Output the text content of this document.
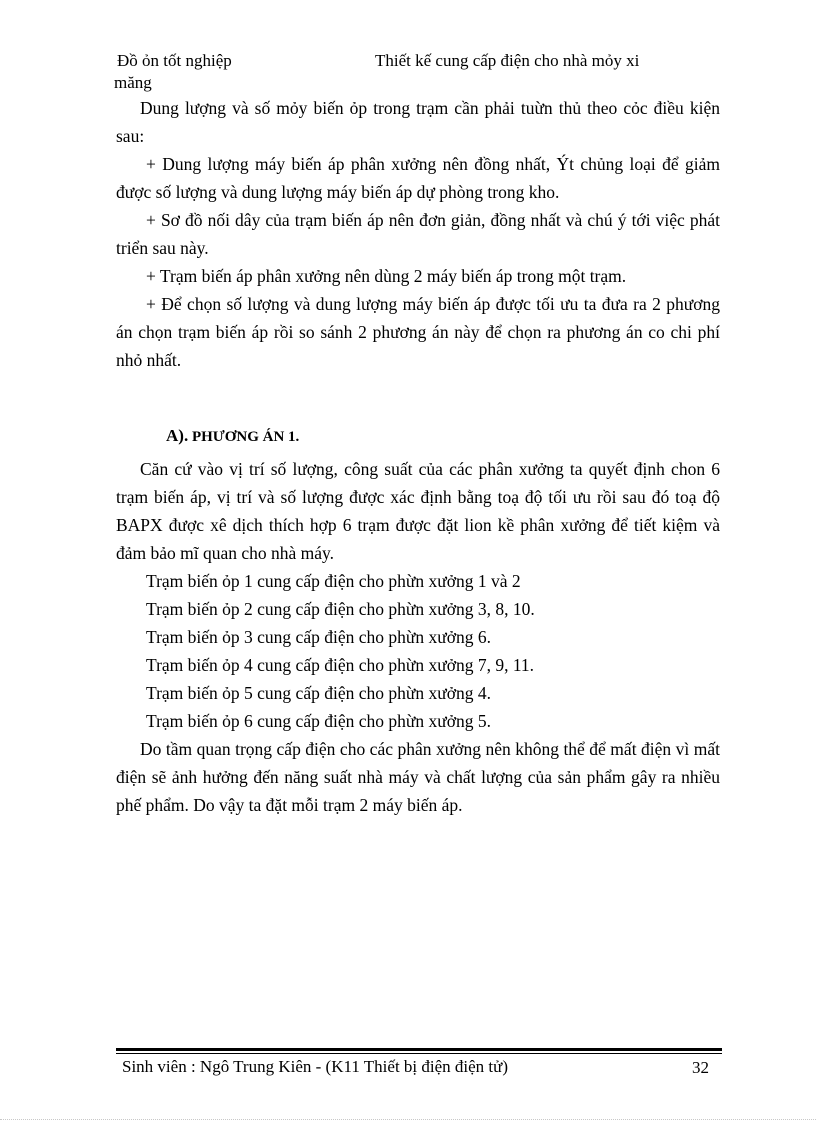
Đồ ỏn tốt nghiệp
măng
Thiết kế cung cấp điện cho nhà mỏy xi

Dung lượng và số mỏy biến ỏp trong trạm cần phải tuừn thủ theo cỏc điều kiện sau:

+ Dung lượng máy biến áp phân xưởng nên đồng nhất, Ýt chủng loại để giảm được số lượng và dung lượng máy biến áp dự phòng trong kho.

+ Sơ đồ nối dây của trạm biến áp nên đơn giản, đồng nhất và chú ý tới việc phát triển sau này.

+ Trạm biến áp phân xưởng nên dùng 2 máy biến áp trong một trạm.

+ Để chọn số lượng và dung lượng máy biến áp được tối ưu ta đưa ra 2 phương án chọn trạm biến áp rồi so sánh 2 phương án này để chọn ra phương án co chi phí nhỏ nhất.

A). PHƯƠNG ÁN 1.

Căn cứ vào vị trí số lượng, công suất của các phân xưởng ta quyết định chon 6 trạm biến áp, vị trí và số lượng được xác định bằng toạ độ tối ưu rồi sau đó toạ độ BAPX được xê dịch thích hợp 6 trạm được đặt lion kề phân xưởng để tiết kiệm và đảm bảo mĩ quan cho nhà máy.

Trạm biến ỏp 1 cung cấp điện cho phừn xưởng 1 và 2
Trạm biến ỏp 2 cung cấp điện cho phừn xưởng 3, 8, 10.
Trạm biến ỏp 3 cung cấp điện cho phừn xưởng 6.
Trạm biến ỏp 4 cung cấp điện cho phừn xưởng 7, 9, 11.
Trạm biến ỏp 5 cung cấp điện cho phừn xưởng 4.
Trạm biến ỏp 6 cung cấp điện cho phừn xưởng 5.

Do tầm quan trọng cấp điện cho các phân xưởng nên không thể để mất điện vì mất điện sẽ ảnh hưởng đến năng suất nhà máy và chất lượng của sản phẩm gây ra nhiều phế phẩm. Do vậy ta đặt mỗi trạm 2 máy biến áp.

Sinh viên : Ngô Trung Kiên - (K11 Thiết bị điện điện tử)	32
